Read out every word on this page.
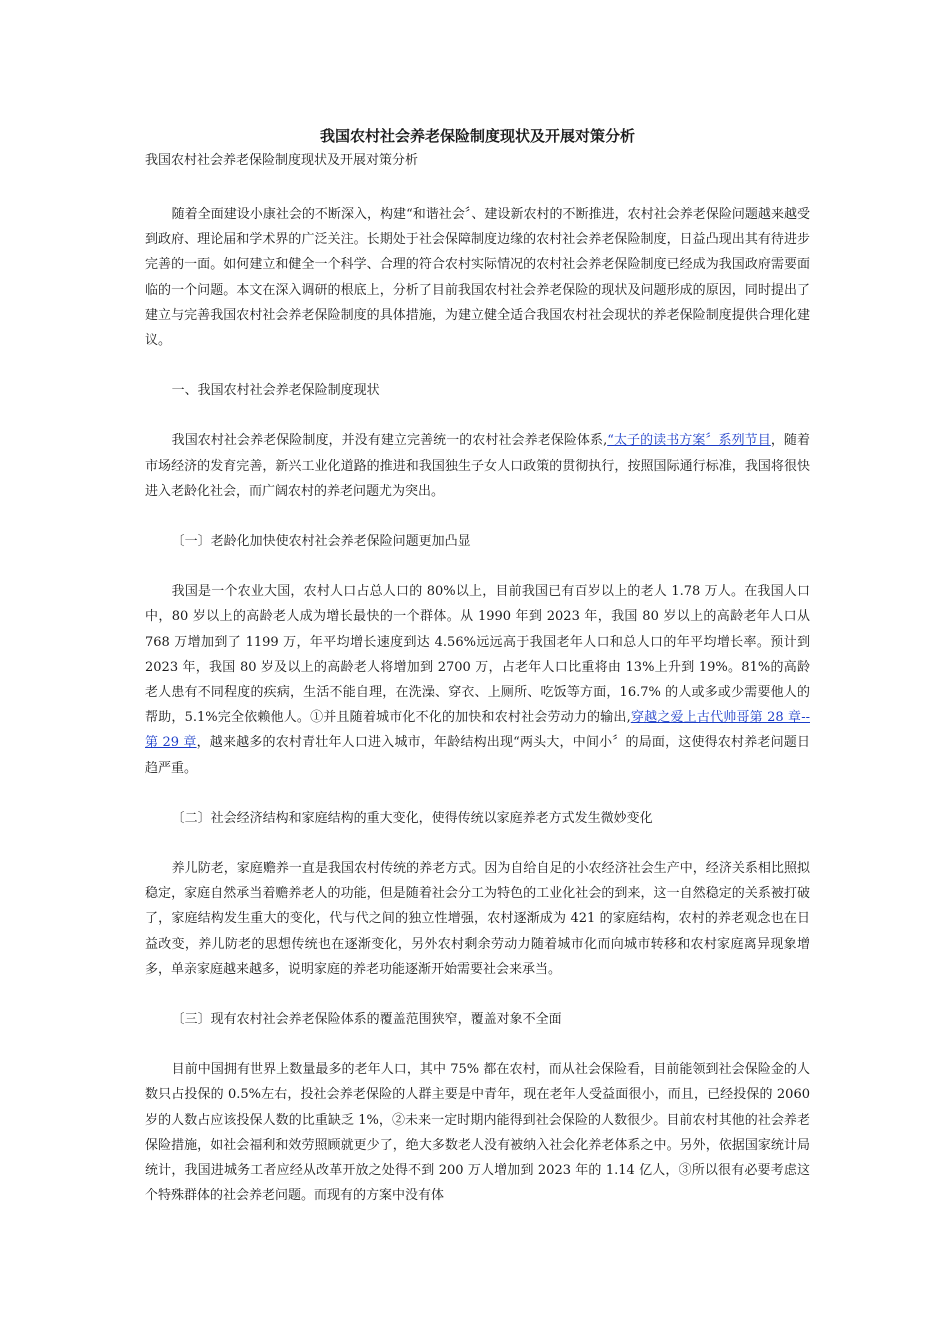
我国农村社会养老保险制度现状及开展对策分析
我国农村社会养老保险制度现状及开展对策分析

随着全面建设小康社会的不断深入，构建“和谐社会〞、建设新农村的不断推进，农村社会养老保险问题越来越受到政府、理论届和学术界的广泛关注。长期处于社会保障制度边缘的农村社会养老保险制度，日益凸现出其有待进步完善的一面。如何建立和健全一个科学、合理的符合农村实际情况的农村社会养老保险制度已经成为我国政府需要面临的一个问题。本文在深入调研的根底上，分析了目前我国农村社会养老保险的现状及问题形成的原因，同时提出了建立与完善我国农村社会养老保险制度的具体措施，为建立健全适合我国农村社会现状的养老保险制度提供合理化建议。

一、我国农村社会养老保险制度现状

我国农村社会养老保险制度，并没有建立完善统一的农村社会养老保险体系,“太子的读书方案〞系列节目，随着市场经济的发育完善，新兴工业化道路的推进和我国独生子女人口政策的贯彻执行，按照国际通行标准，我国将很快进入老龄化社会，而广阔农村的养老问题尤为突出。

〔一〕老龄化加快使农村社会养老保险问题更加凸显

我国是一个农业大国，农村人口占总人口的 80%以上，目前我国已有百岁以上的老人 1.78 万人。在我国人口中，80 岁以上的高龄老人成为增长最快的一个群体。从 1990 年到 2023 年，我国 80 岁以上的高龄老年人口从 768 万增加到了 1199 万，年平均增长速度到达 4.56%远远高于我国老年人口和总人口的年平均增长率。预计到 2023 年，我国 80 岁及以上的高龄老人将增加到 2700 万，占老年人口比重将由 13%上升到 19%。81%的高龄老人患有不同程度的疾病，生活不能自理，在洗澡、穿衣、上厕所、吃饭等方面，16.7% 的人或多或少需要他人的帮助，5.1%完全依赖他人。①并且随着城市化不化的加快和农村社会劳动力的输出,穿越之爱上古代帅哥第 28 章--第 29 章，越来越多的农村青壮年人口进入城市，年龄结构出现“两头大，中间小〞的局面，这使得农村养老问题日趋严重。

〔二〕社会经济结构和家庭结构的重大变化，使得传统以家庭养老方式发生微妙变化

养儿防老，家庭赡养一直是我国农村传统的养老方式。因为自给自足的小农经济社会生产中，经济关系相比照拟稳定，家庭自然承当着赡养老人的功能，但是随着社会分工为特色的工业化社会的到来，这一自然稳定的关系被打破了，家庭结构发生重大的变化，代与代之间的独立性增强，农村逐渐成为 421 的家庭结构，农村的养老观念也在日益改变，养儿防老的思想传统也在逐渐变化，另外农村剩余劳动力随着城市化而向城市转移和农村家庭离异现象增多，单亲家庭越来越多，说明家庭的养老功能逐渐开始需要社会来承当。

〔三〕现有农村社会养老保险体系的覆盖范围狭窄，覆盖对象不全面

目前中国拥有世界上数量最多的老年人口，其中 75% 都在农村，而从社会保险看，目前能领到社会保险金的人数只占投保的 0.5%左右，投社会养老保险的人群主要是中青年，现在老年人受益面很小，而且，已经投保的 2060 岁的人数占应该投保人数的比重缺乏 1%，②未来一定时期内能得到社会保险的人数很少。目前农村其他的社会养老保险措施，如社会福利和效劳照顾就更少了，绝大多数老人没有被纳入社会化养老体系之中。另外，依据国家统计局统计，我国进城务工者应经从改革开放之处得不到 200 万人增加到 2023 年的 1.14 亿人，③所以很有必要考虑这个特殊群体的社会养老问题。而现有的方案中没有体
